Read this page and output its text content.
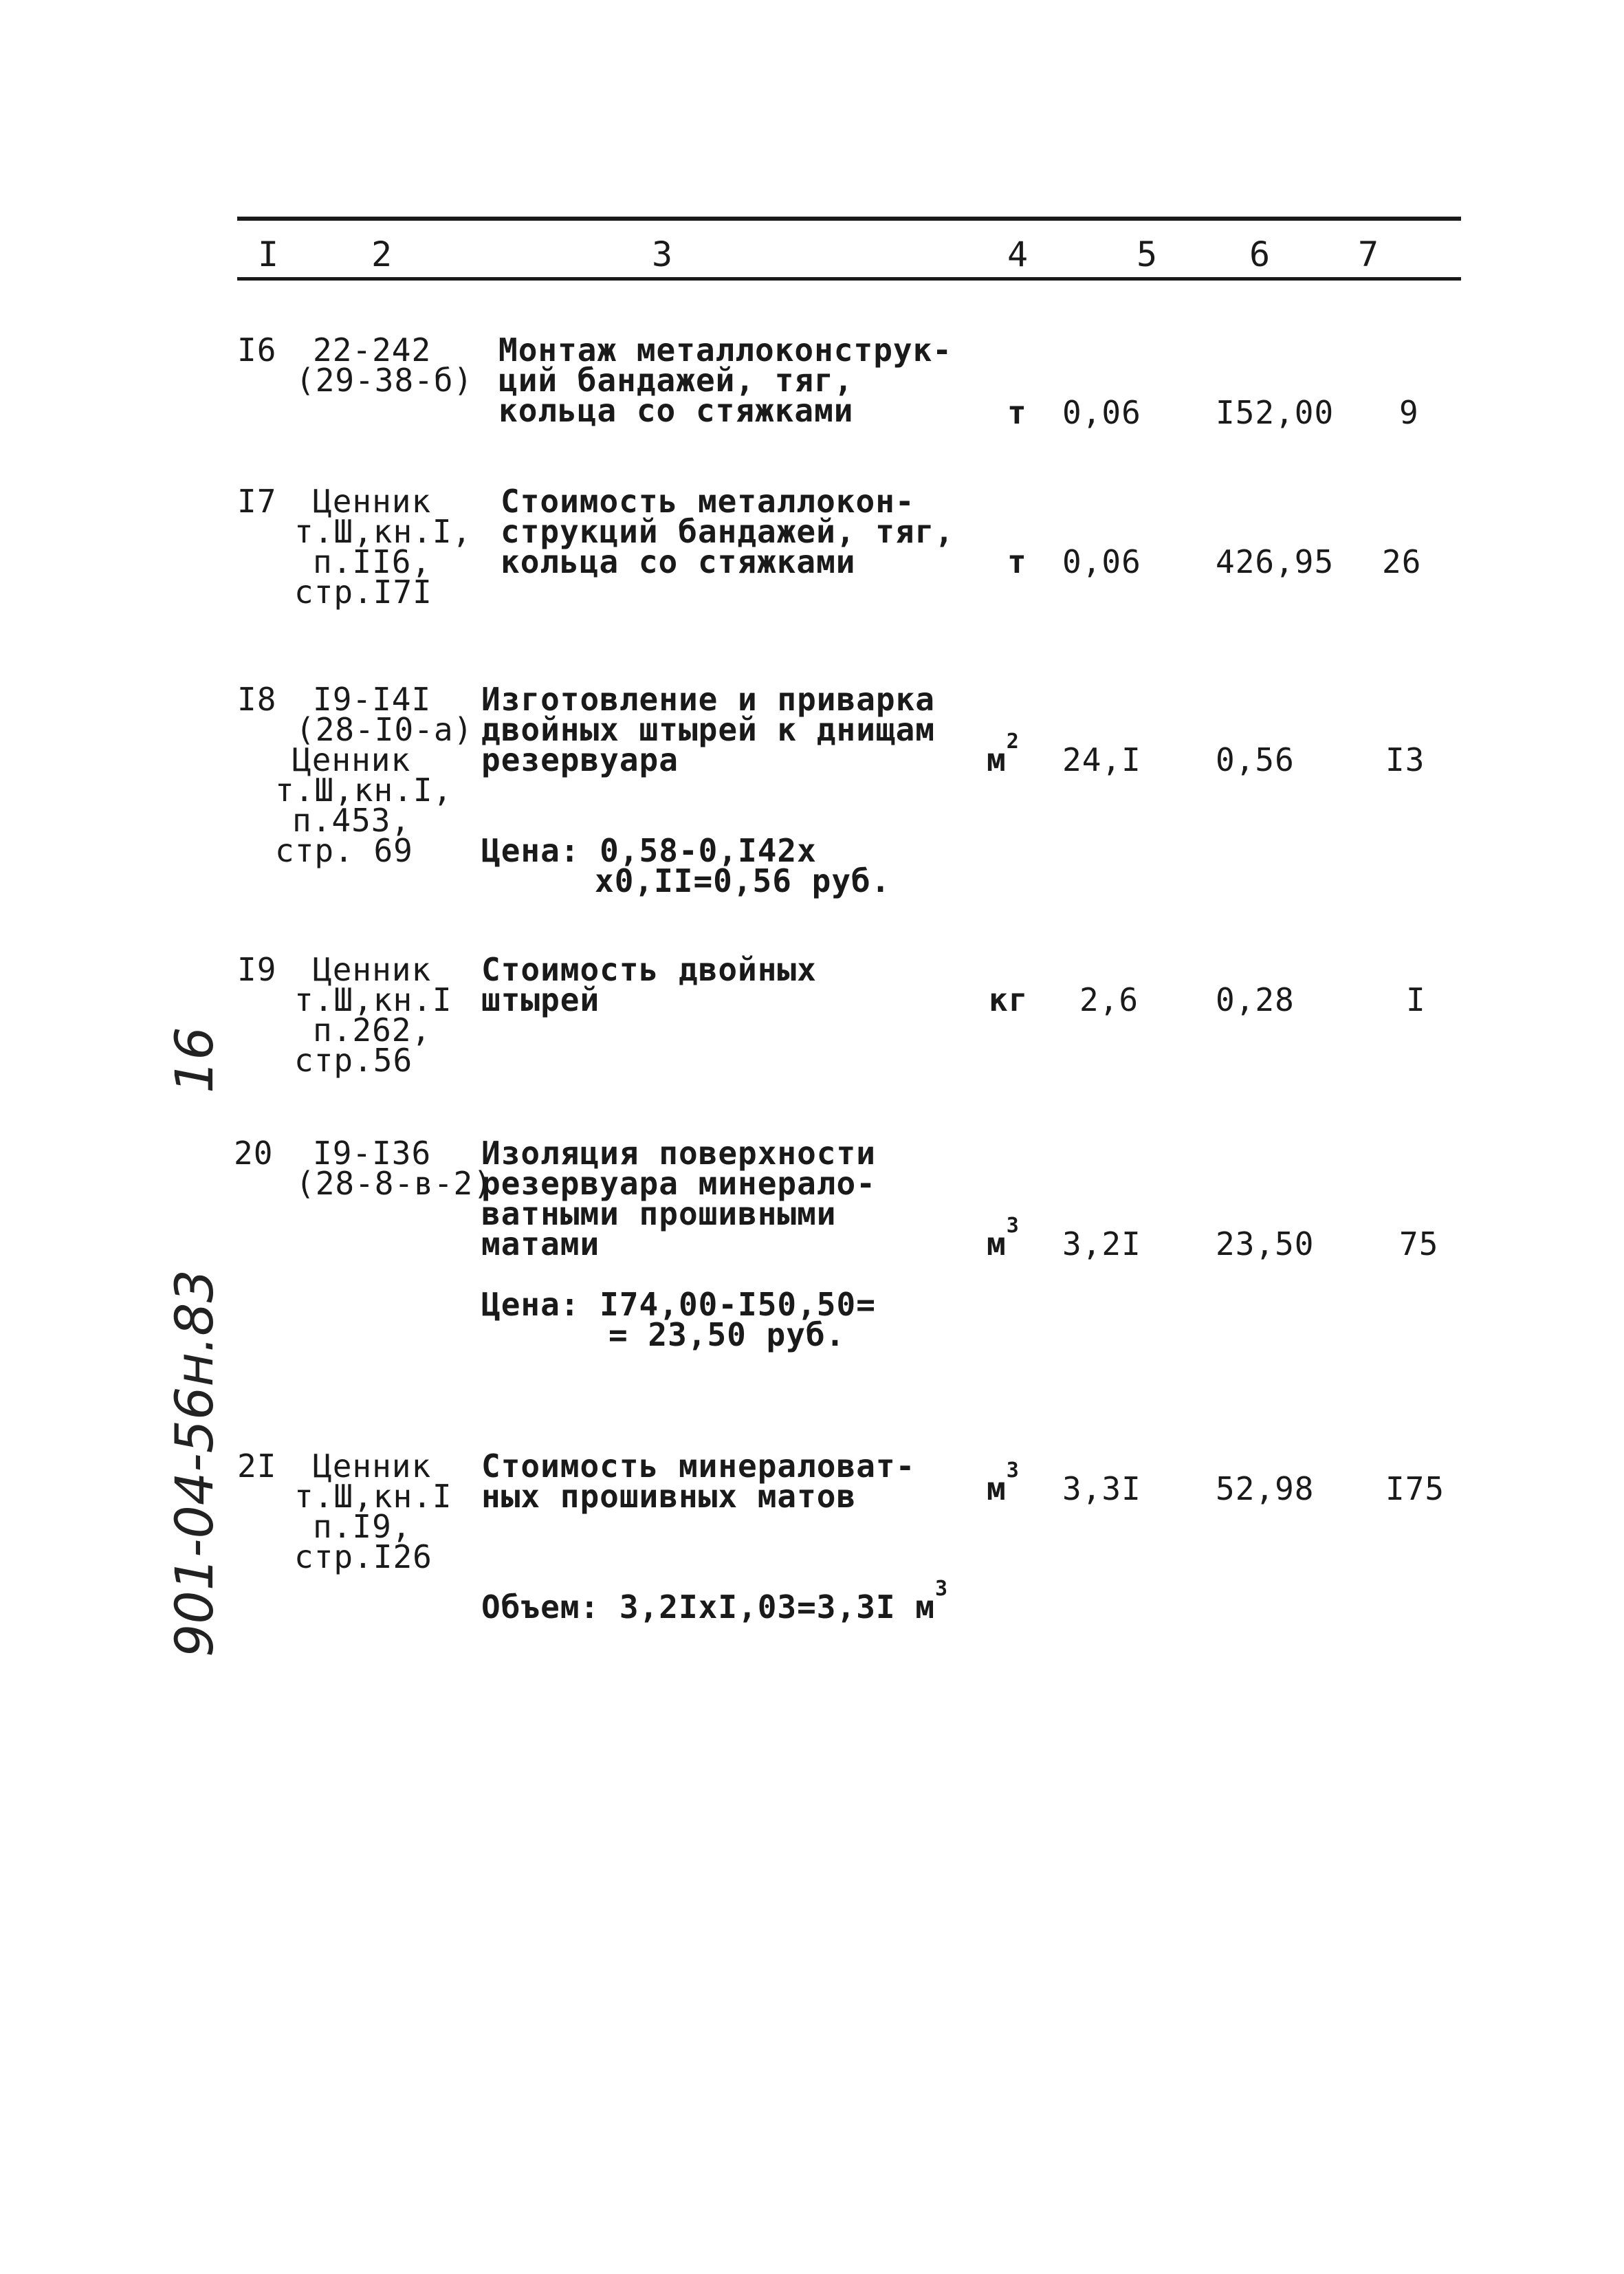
I	2	3	4	5	6	7
16
901-04-56н.83
I6 22-242
(29-38-б)
Монтаж металлоконструк-
ций бандажей, тяг,
кольца со стяжками	т 0,06 I52,00 9
I7 Ценник
т.Ш,кн.I,
п.II6,
стр.I7I
Стоимость металлокон-
струкций бандажей, тяг,
кольца со стяжками	т 0,06 426,95 26
I8 I9-I4I
(28-I0-а)
Ценник
т.Ш,кн.I,
п.453,
стр. 69
Изготовление и приварка
двойных штырей к днищам
резервуара
Цена: 0,58-0,I42x
x0,II=0,56 руб.
$м^2$ 24,I 0,56	I3
I9 Ценник
т.Ш,кн.I
п.262,
стр.56
Стоимость двойных
штырей	кг 2,6 0,28	I
20 I9-I36
(28-8-в-2)
Изоляция поверхности
резервуара минерало-
ватными прошивными
матами
Цена: I74,00-I50,50=
= 23,50 руб.
$м^3$ 3,2I 23,50	75
2I Ценник
т.Ш,кн.I
п.I9,
стр.I26
Стоимость минераловат-
ных прошивных матов
Объем: 3,2IxI,03=3,3I $м^3$
$м^3$ 3,3I 52,98 I75
